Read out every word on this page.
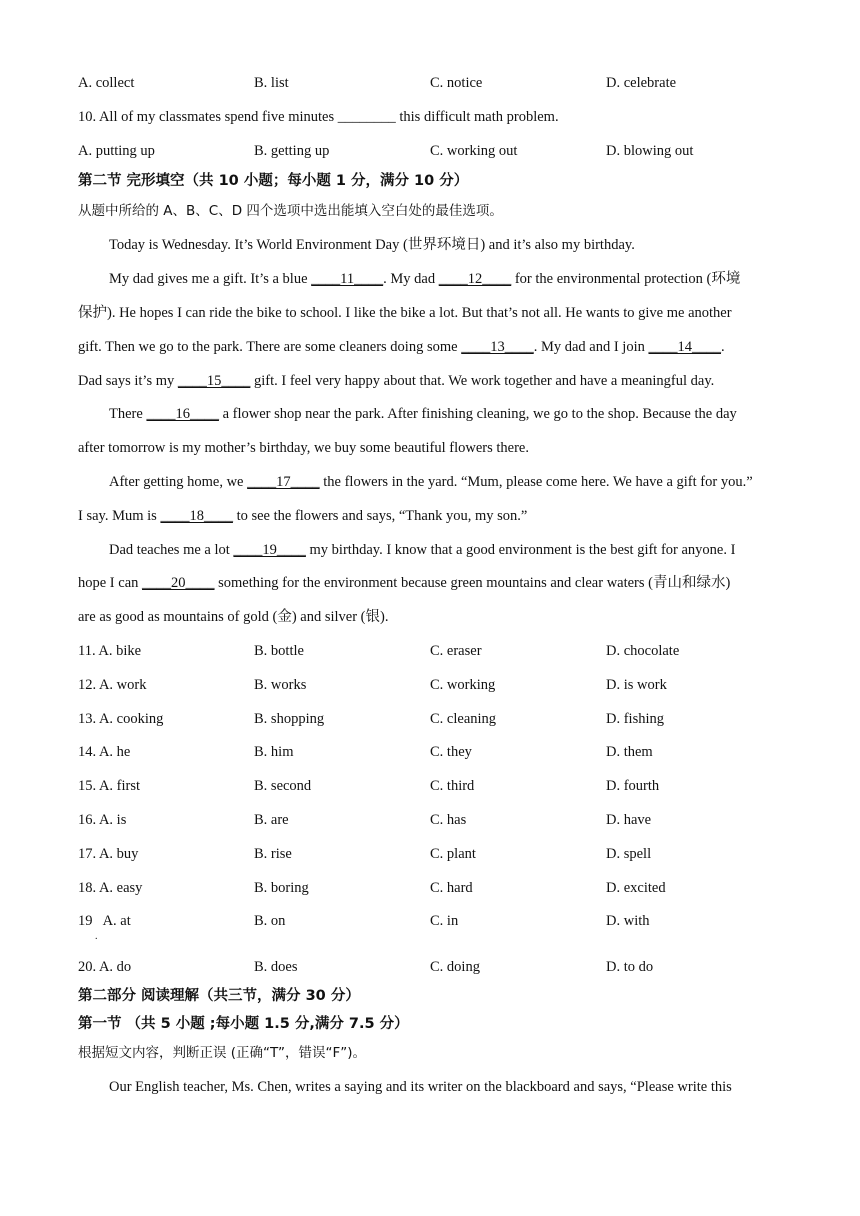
A. collect	B. list	C. notice	D. celebrate
10. All of my classmates spend five minutes ________ this difficult math problem.
A. putting up	B. getting up	C. working out	D. blowing out
第二节 完形填空（共 10 小题；每小题 1 分，满分 10 分）
从题中所给的 A、B、C、D 四个选项中选出能填入空白处的最佳选项。
Today is Wednesday. It’s World Environment Day (世界环境日) and it’s also my birthday.
My dad gives me a gift. It’s a blue ____11____. My dad ____12____ for the environmental protection (环境
保护). He hopes I can ride the bike to school. I like the bike a lot. But that’s not all. He wants to give me another
gift. Then we go to the park. There are some cleaners doing some ____13____. My dad and I join ____14____.
Dad says it’s my ____15____ gift. I feel very happy about that. We work together and have a meaningful day.
There ____16____ a flower shop near the park. After finishing cleaning, we go to the shop. Because the day
after tomorrow is my mother’s birthday, we buy some beautiful flowers there.
After getting home, we ____17____ the flowers in the yard. “Mum, please come here. We have a gift for you.”
I say. Mum is ____18____ to see the flowers and says, “Thank you, my son.”
Dad teaches me a lot ____19____ my birthday. I know that a good environment is the best gift for anyone. I
hope I can ____20____ something for the environment because green mountains and clear waters (青山和绿水)
are as good as mountains of gold (金) and silver (银).
11. A. bike	B. bottle	C. eraser	D. chocolate
12. A. work	B. works	C. working	D. is work
13. A. cooking	B. shopping	C. cleaning	D. fishing
14. A. he	B. him	C. they	D. them
15. A. first	B. second	C. third	D. fourth
16. A. is	B. are	C. has	D. have
17. A. buy	B. rise	C. plant	D. spell
18. A. easy	B. boring	C. hard	D. excited
19   A. at	B. on	C. in	D. with
.
20. A. do	B. does	C. doing	D. to do
第二部分 阅读理解（共三节，满分 30 分）
第一节 （共 5 小题 ;每小题 1.5 分,满分 7.5 分）
根据短文内容，判断正误 (正确“T”，错误“F”)。
Our English teacher, Ms. Chen, writes a saying and its writer on the blackboard and says, “Please write this
